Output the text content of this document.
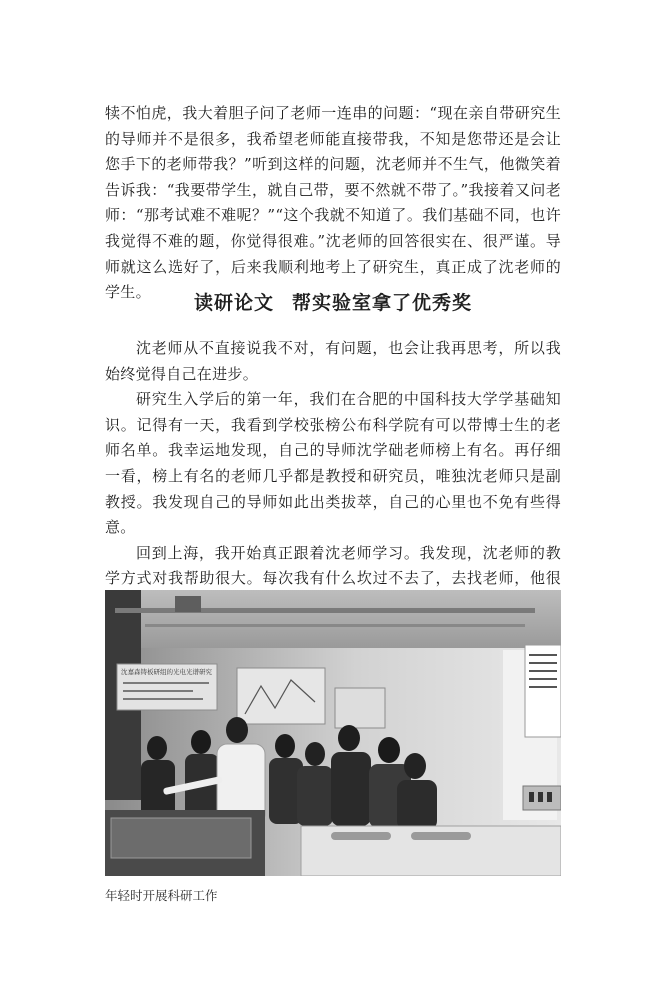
犊不怕虎，我大着胆子问了老师一连串的问题：“现在亲自带研究生的导师并不是很多，我希望老师能直接带我，不知是您带还是会让您手下的老师带我？”听到这样的问题，沈老师并不生气，他微笑着告诉我：“我要带学生，就自己带，要不然就不带了。”我接着又问老师：“那考试难不难呢？”“这个我就不知道了。我们基础不同，也许我觉得不难的题，你觉得很难。”沈老师的回答很实在、很严谨。导师就这么选好了，后来我顺利地考上了研究生，真正成了沈老师的学生。	读研论文 帮实验室拿了优秀奖

沈老师从不直接说我不对，有问题，也会让我再思考，所以我始终觉得自己在进步。

研究生入学后的第一年，我们在合肥的中国科技大学学基础知识。记得有一天，我看到学校张榜公布科学院有可以带博士生的老师名单。我幸运地发现，自己的导师沈学础老师榜上有名。再仔细一看，榜上有名的老师几乎都是教授和研究员，唯独沈老师只是副教授。我发现自己的导师如此出类拔萃，自己的心里也不免有些得意。

回到上海，我开始真正跟着沈老师学习。我发现，沈老师的教学方式对我帮助很大。每次我有什么坎过不去了，去找老师，他很

沈嘉森铸板研组的光电光谱研究

年轻时开展科研工作
